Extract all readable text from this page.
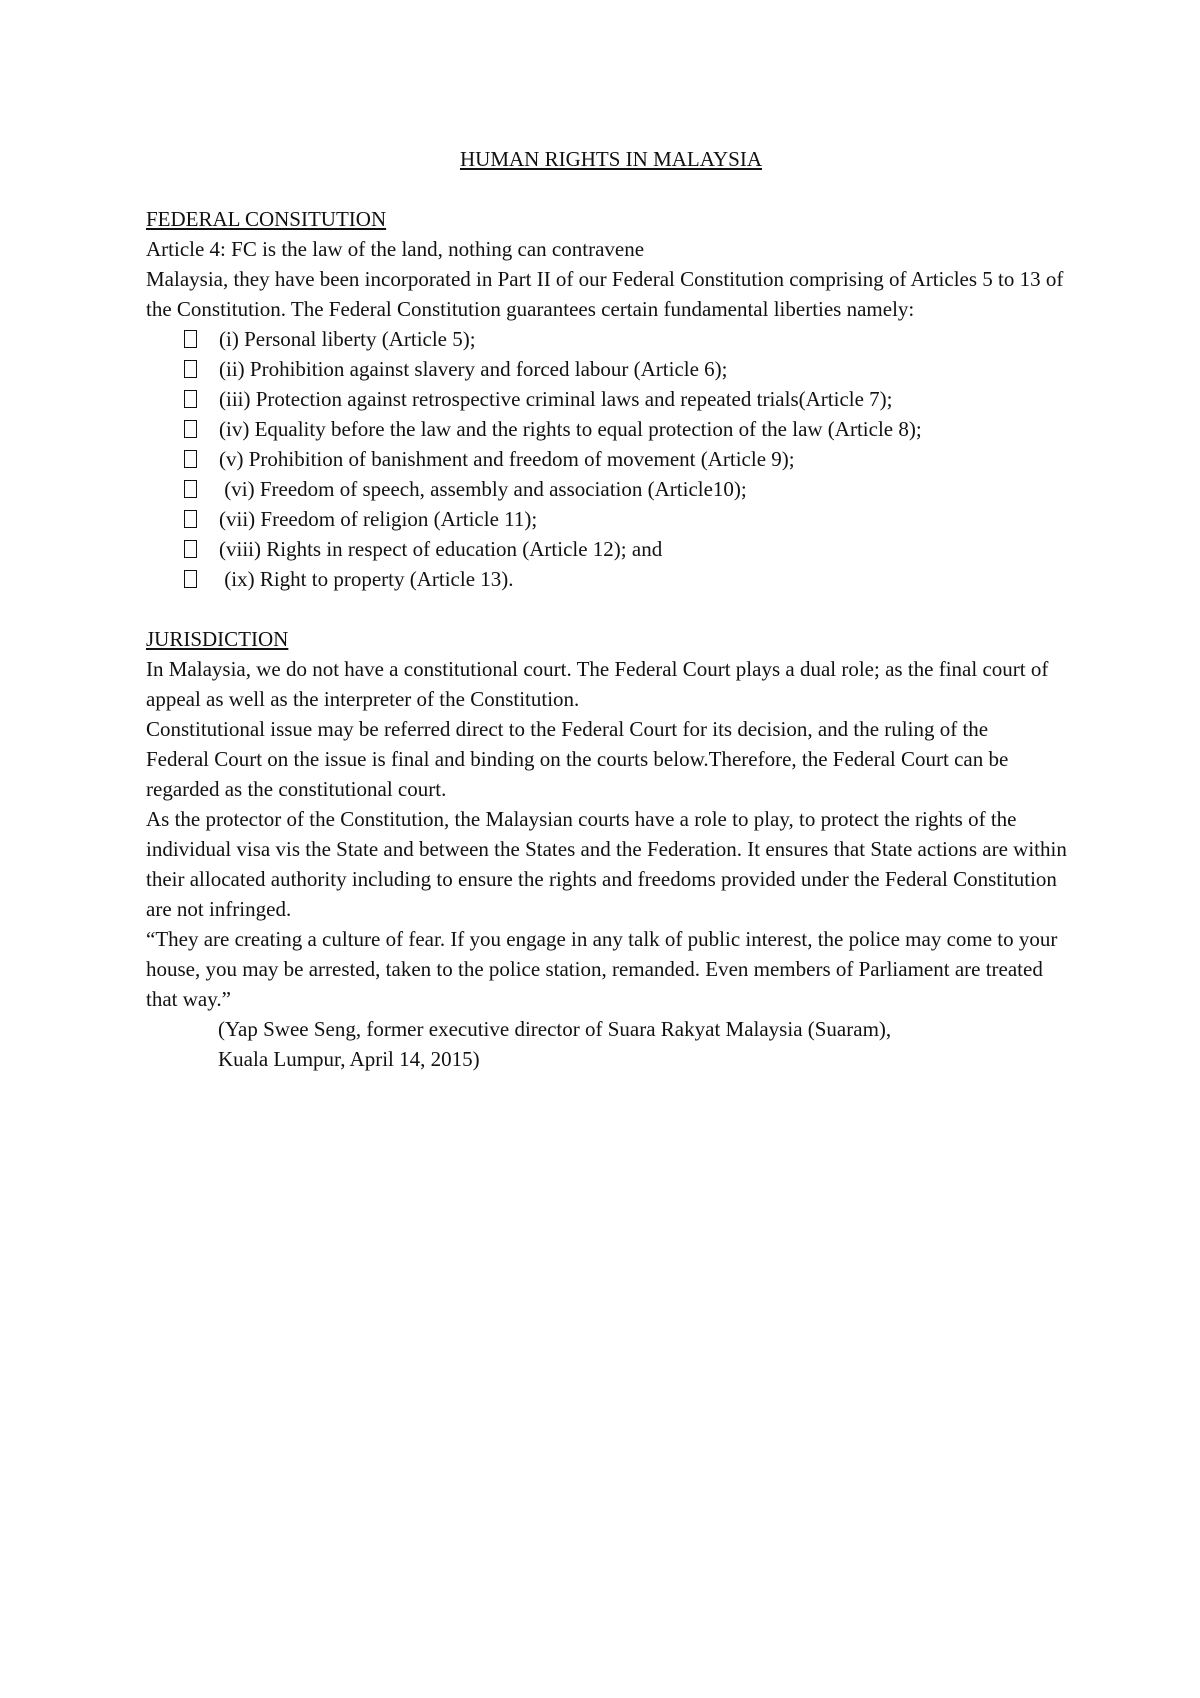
HUMAN RIGHTS IN MALAYSIA
FEDERAL CONSITUTION

Article 4: FC is the law of the land, nothing can contravene

Malaysia, they have been incorporated in Part II of our Federal Constitution comprising of Articles 5 to 13 of the Constitution. The Federal Constitution guarantees certain fundamental liberties namely:

(i) Personal liberty (Article 5);
(ii) Prohibition against slavery and forced labour (Article 6);
(iii) Protection against retrospective criminal laws and repeated trials(Article 7);
(iv) Equality before the law and the rights to equal protection of the law (Article 8);
(v) Prohibition of banishment and freedom of movement (Article 9);
(vi) Freedom of speech, assembly and association (Article10);
(vii) Freedom of religion (Article 11);
(viii) Rights in respect of education (Article 12); and
(ix) Right to property (Article 13).
JURISDICTION

In Malaysia, we do not have a constitutional court. The Federal Court plays a dual role; as the final court of appeal as well as the interpreter of the Constitution.

Constitutional issue may be referred direct to the Federal Court for its decision, and the ruling of the

Federal Court on the issue is final and binding on the courts below.Therefore, the Federal Court can be regarded as the constitutional court.

As the protector of the Constitution, the Malaysian courts have a role to play, to protect the rights of the individual visa vis the State and between the States and the Federation. It ensures that State actions are within their allocated authority including to ensure the rights and freedoms provided under the Federal Constitution are not infringed.

“They are creating a culture of fear. If you engage in any talk of public interest, the police may come to your house, you may be arrested, taken to the police station, remanded. Even members of Parliament are treated that way.”

(Yap Swee Seng, former executive director of Suara Rakyat Malaysia (Suaram),

Kuala Lumpur, April 14, 2015)
